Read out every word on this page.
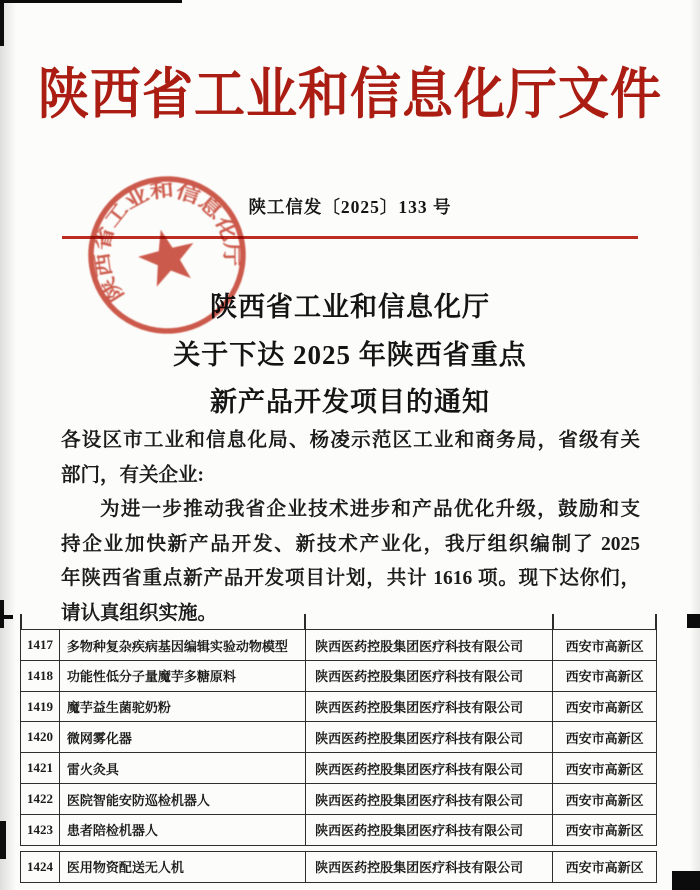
陕西省工业和信息化厅文件
陕工信发〔2025〕133 号
陕西省工业和信息化厅
关于下达 2025 年陕西省重点
新产品开发项目的通知
各设区市工业和信息化局、杨凌示范区工业和商务局，省级有关
部门，有关企业:
为进一步推动我省企业技术进步和产品优化升级，鼓励和支
持企业加快新产品开发、新技术产业化，我厅组织编制了 2025
年陕西省重点新产品开发项目计划，共计 1616 项。现下达你们，
请认真组织实施。
1417	多物种复杂疾病基因编辑实验动物模型	陕西医药控股集团医疗科技有限公司	西安市高新区
1418	功能性低分子量魔芋多糖原料	陕西医药控股集团医疗科技有限公司	西安市高新区
1419	魔芋益生菌驼奶粉	陕西医药控股集团医疗科技有限公司	西安市高新区
1420	微网雾化器	陕西医药控股集团医疗科技有限公司	西安市高新区
1421	雷火灸具	陕西医药控股集团医疗科技有限公司	西安市高新区
1422	医院智能安防巡检机器人	陕西医药控股集团医疗科技有限公司	西安市高新区
1423	患者陪检机器人	陕西医药控股集团医疗科技有限公司	西安市高新区
1424	医用物资配送无人机	陕西医药控股集团医疗科技有限公司	西安市高新区
陕西省工业和信息化厅
